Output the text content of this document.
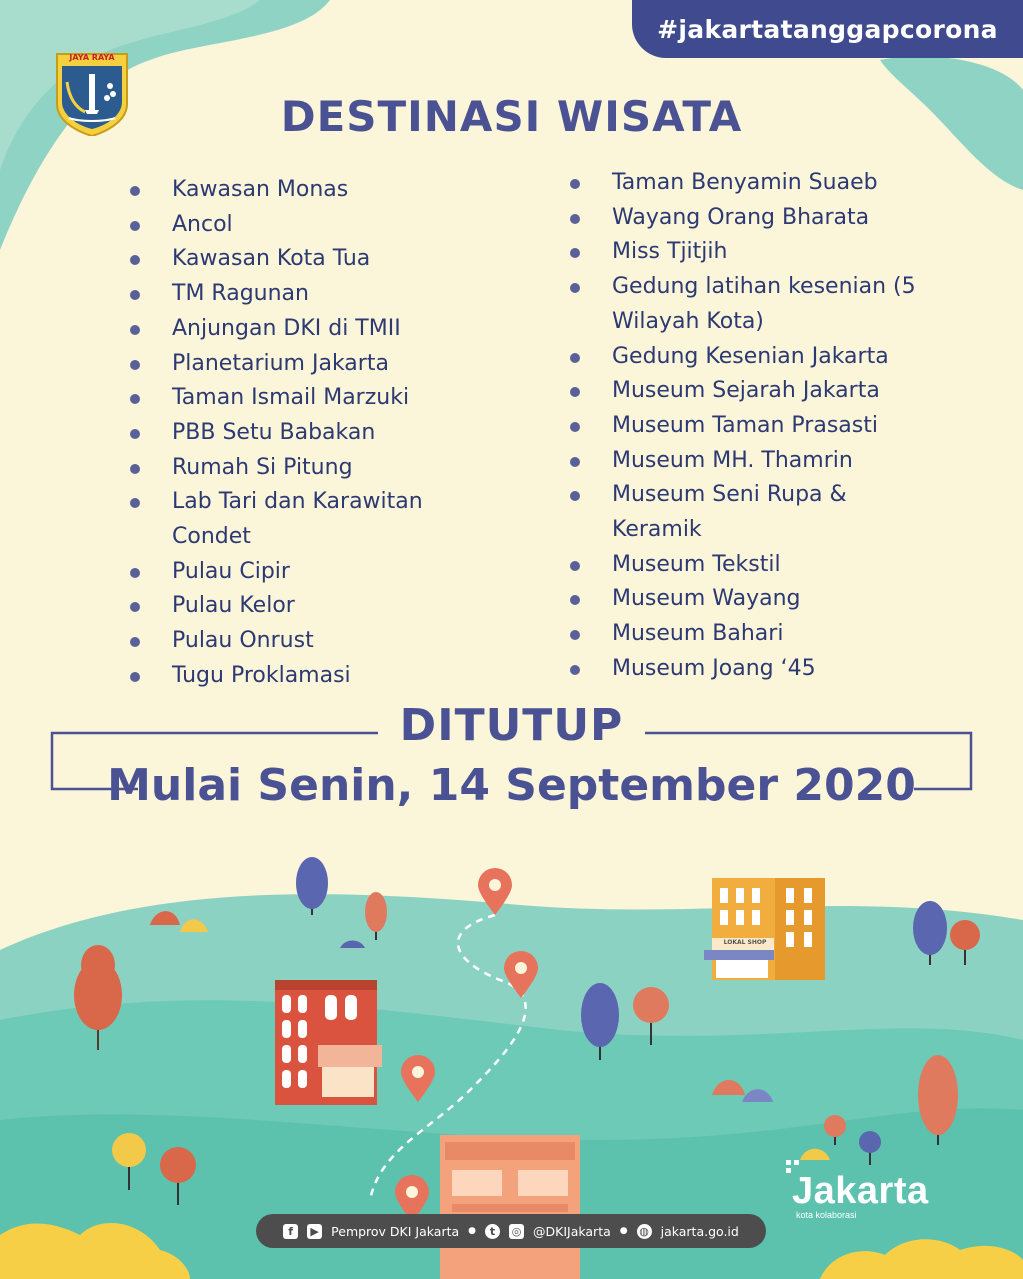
JAYA RAYA
#jakartatanggapcorona
DESTINASI WISATA
Kawasan Monas
Ancol
Kawasan Kota Tua
TM Ragunan
Anjungan DKI di TMII
Planetarium Jakarta
Taman Ismail Marzuki
PBB Setu Babakan
Rumah Si Pitung
Lab Tari dan Karawitan Condet
Pulau Cipir
Pulau Kelor
Pulau Onrust
Tugu Proklamasi
Taman Benyamin Suaeb
Wayang Orang Bharata
Miss Tjitjih
Gedung latihan kesenian (5 Wilayah Kota)
Gedung Kesenian Jakarta
Museum Sejarah Jakarta
Museum Taman Prasasti
Museum MH. Thamrin
Museum Seni Rupa & Keramik
Museum Tekstil
Museum Wayang
Museum Bahari
Museum Joang ‘45
DITUTUP
Mulai Senin, 14 September 2020
LOKAL SHOP
Jakarta
kota kolaborasi
f	▶ Pemprov DKI Jakarta ●	t	◎ @DKIJakarta ● ◍ jakarta.go.id
